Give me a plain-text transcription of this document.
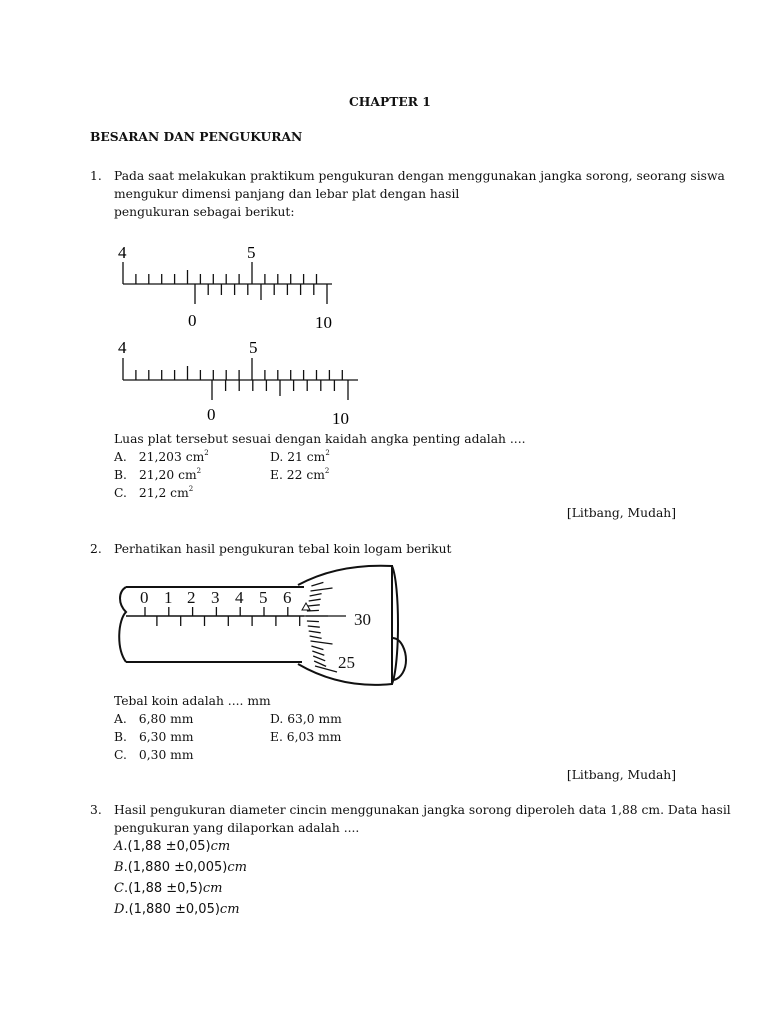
CHAPTER 1
BESARAN DAN PENGUKURAN
1. Pada saat melakukan praktikum pengukuran dengan menggunakan jangka sorong, seorang siswa
mengukur dimensi panjang dan lebar plat dengan hasil
pengukuran sebagai berikut:
4	5
0	10
4	5
0	10
Luas plat tersebut sesuai dengan kaidah angka penting adalah ....
A. 21,203 $cm^2$	D. 21 $cm^2$
B. 21,20 $cm^2$	E. 22 $cm^2$
C. 21,2 $cm^2$
[Litbang, Mudah]
2. Perhatikan hasil pengukuran tebal koin logam berikut
0 1 2 3 4 5 6
30
25
Tebal koin adalah .... mm
A. 6,80 mm	D. 63,0 mm
B. 6,30 mm	E. 6,03 mm
C. 0,30 mm
[Litbang, Mudah]
3. Hasil pengukuran diameter cincin menggunakan jangka sorong diperoleh data 1,88 cm. Data hasil
pengukuran yang dilaporkan adalah ....
A.(1,88 ±0,05)cm
B.(1,880 ±0,005)cm
C.(1,88 ±0,5)cm
D.(1,880 ±0,05)cm
